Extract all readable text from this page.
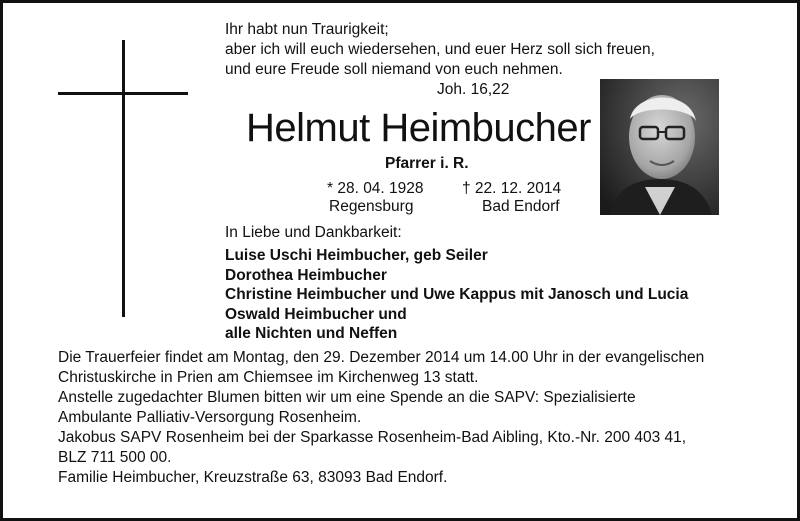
Ihr habt nun Traurigkeit;
aber ich will euch wiedersehen, und euer Herz soll sich freuen,
und eure Freude soll niemand von euch nehmen.
Joh. 16,22
Helmut Heimbucher
Pfarrer i. R.
* 28. 04. 1928
Regensburg
† 22. 12. 2014
Bad Endorf
In Liebe und Dankbarkeit:
Luise Uschi Heimbucher, geb Seiler
Dorothea Heimbucher
Christine Heimbucher und Uwe Kappus mit Janosch und Lucia
Oswald Heimbucher und
alle Nichten und Neffen
Die Trauerfeier findet am Montag, den 29. Dezember 2014 um 14.00 Uhr in der evangelischen
Christuskirche in Prien am Chiemsee im Kirchenweg 13 statt.
Anstelle zugedachter Blumen bitten wir um eine Spende an die SAPV: Spezialisierte
Ambulante Palliativ-Versorgung Rosenheim.
Jakobus SAPV Rosenheim bei der Sparkasse Rosenheim-Bad Aibling, Kto.-Nr. 200 403 41,
BLZ 711 500 00.
Familie Heimbucher, Kreuzstraße 63, 83093 Bad Endorf.
